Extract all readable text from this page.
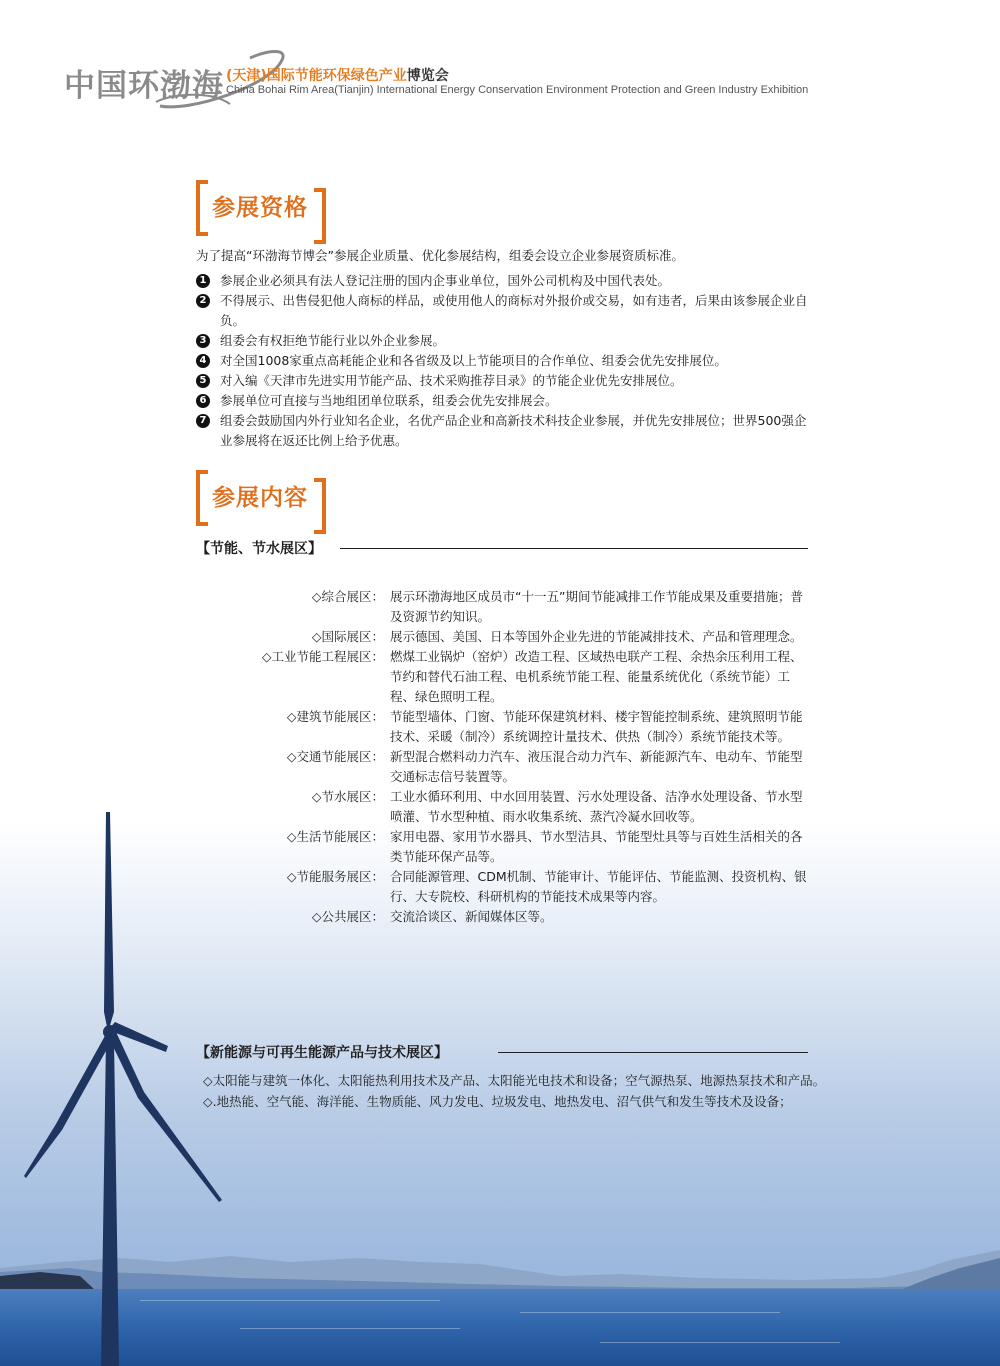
中国环渤海 (天津)国际节能环保绿色产业博览会
China Bohai Rim Area(Tianjin) International Energy Conservation Environment Protection and Green Industry Exhibition
参展资格
为了提高“环渤海节博会”参展企业质量、优化参展结构，组委会设立企业参展资质标准。
1 参展企业必须具有法人登记注册的国内企事业单位，国外公司机构及中国代表处。
2 不得展示、出售侵犯他人商标的样品，或使用他人的商标对外报价或交易，如有违者，后果由该参展企业自负。
3 组委会有权拒绝节能行业以外企业参展。
4 对全国1008家重点高耗能企业和各省级及以上节能项目的合作单位、组委会优先安排展位。
5 对入编《天津市先进实用节能产品、技术采购推荐目录》的节能企业优先安排展位。
6 参展单位可直接与当地组团单位联系，组委会优先安排展会。
7 组委会鼓励国内外行业知名企业，名优产品企业和高新技术科技企业参展，并优先安排展位；世界500强企业参展将在返还比例上给予优惠。
参展内容
【节能、节水展区】
◇综合展区： 展示环渤海地区成员市“十一五”期间节能减排工作节能成果及重要措施；普及资源节约知识。
◇国际展区： 展示德国、美国、日本等国外企业先进的节能减排技术、产品和管理理念。
◇工业节能工程展区： 燃煤工业锅炉（窑炉）改造工程、区域热电联产工程、余热余压利用工程、节约和替代石油工程、电机系统节能工程、能量系统优化（系统节能）工程、绿色照明工程。
◇建筑节能展区： 节能型墙体、门窗、节能环保建筑材料、楼宇智能控制系统、建筑照明节能技术、采暖（制冷）系统调控计量技术、供热（制冷）系统节能技术等。
◇交通节能展区： 新型混合燃料动力汽车、液压混合动力汽车、新能源汽车、电动车、节能型交通标志信号装置等。
◇节水展区： 工业水循环利用、中水回用装置、污水处理设备、洁净水处理设备、节水型喷灌、节水型种植、雨水收集系统、蒸汽冷凝水回收等。
◇生活节能展区： 家用电器、家用节水器具、节水型洁具、节能型灶具等与百姓生活相关的各类节能环保产品等。
◇节能服务展区： 合同能源管理、CDM机制、节能审计、节能评估、节能监测、投资机构、银行、大专院校、科研机构的节能技术成果等内容。
◇公共展区： 交流洽谈区、新闻媒体区等。
【新能源与可再生能源产品与技术展区】
◇太阳能与建筑一体化、太阳能热利用技术及产品、太阳能光电技术和设备；空气源热泵、地源热泵技术和产品。
◇.地热能、空气能、海洋能、生物质能、风力发电、垃圾发电、地热发电、沼气供气和发生等技术及设备；
